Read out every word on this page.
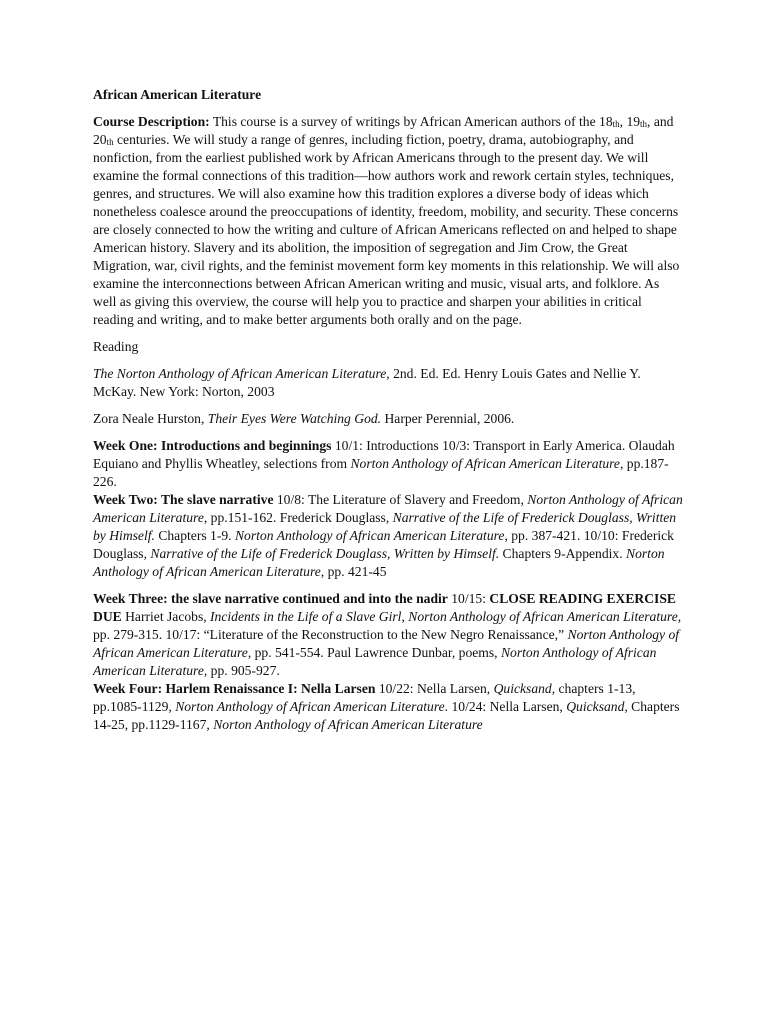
African American Literature

Course Description: This course is a survey of writings by African American authors of the $18_{th}$, $19_{th}$, and $20_{th}$ centuries. We will study a range of genres, including fiction, poetry, drama, autobiography, and nonfiction, from the earliest published work by African Americans through to the present day. We will examine the formal connections of this tradition—how authors work and rework certain styles, techniques, genres, and structures. We will also examine how this tradition explores a diverse body of ideas which nonetheless coalesce around the preoccupations of identity, freedom, mobility, and security. These concerns are closely connected to how the writing and culture of African Americans reflected on and helped to shape American history. Slavery and its abolition, the imposition of segregation and Jim Crow, the Great Migration, war, civil rights, and the feminist movement form key moments in this relationship. We will also examine the interconnections between African American writing and music, visual arts, and folklore. As well as giving this overview, the course will help you to practice and sharpen your abilities in critical reading and writing, and to make better arguments both orally and on the page.

Reading

The Norton Anthology of African American Literature, 2nd. Ed. Ed. Henry Louis Gates and Nellie Y. McKay. New York: Norton, 2003

Zora Neale Hurston, Their Eyes Were Watching God. Harper Perennial, 2006.

Week One: Introductions and beginnings 10/1: Introductions 10/3: Transport in Early America. Olaudah Equiano and Phyllis Wheatley, selections from Norton Anthology of African American Literature, pp.187-226.

Week Two: The slave narrative 10/8: The Literature of Slavery and Freedom, Norton Anthology of African American Literature, pp.151-162. Frederick Douglass, Narrative of the Life of Frederick Douglass, Written by Himself. Chapters 1-9. Norton Anthology of African American Literature, pp. 387-421. 10/10: Frederick Douglass, Narrative of the Life of Frederick Douglass, Written by Himself. Chapters 9-Appendix. Norton Anthology of African American Literature, pp. 421-45

Week Three: the slave narrative continued and into the nadir 10/15: CLOSE READING EXERCISE DUE Harriet Jacobs, Incidents in the Life of a Slave Girl, Norton Anthology of African American Literature, pp. 279-315. 10/17: “Literature of the Reconstruction to the New Negro Renaissance,” Norton Anthology of African American Literature, pp. 541-554. Paul Lawrence Dunbar, poems, Norton Anthology of African American Literature, pp. 905-927.

Week Four: Harlem Renaissance I: Nella Larsen 10/22: Nella Larsen, Quicksand, chapters 1-13, pp.1085-1129, Norton Anthology of African American Literature. 10/24: Nella Larsen, Quicksand, Chapters 14-25, pp.1129-1167, Norton Anthology of African American Literature
